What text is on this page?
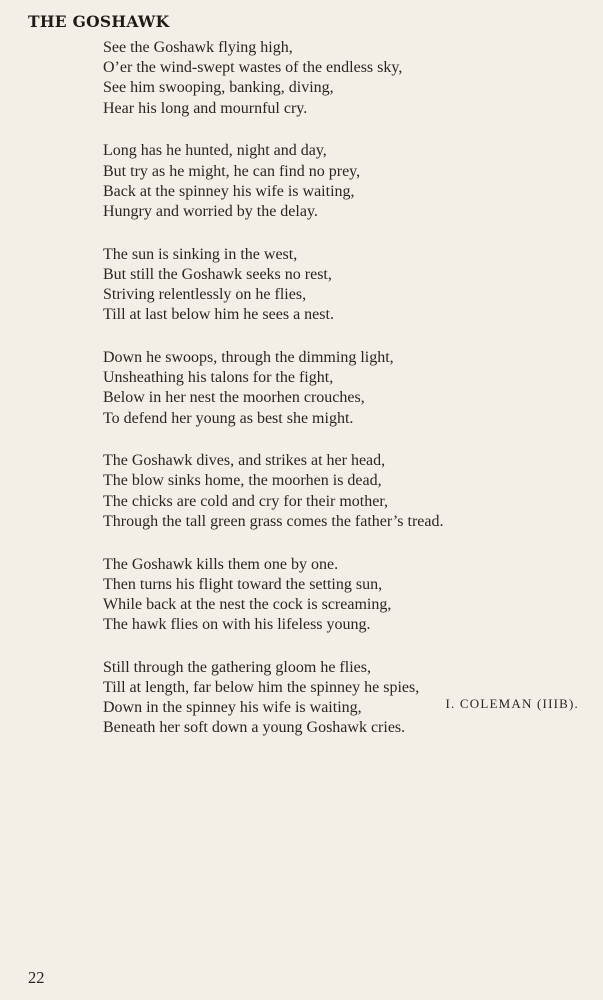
THE GOSHAWK
See the Goshawk flying high,
O’er the wind-swept wastes of the endless sky,
See him swooping, banking, diving,
Hear his long and mournful cry.
Long has he hunted, night and day,
But try as he might, he can find no prey,
Back at the spinney his wife is waiting,
Hungry and worried by the delay.
The sun is sinking in the west,
But still the Goshawk seeks no rest,
Striving relentlessly on he flies,
Till at last below him he sees a nest.
Down he swoops, through the dimming light,
Unsheathing his talons for the fight,
Below in her nest the moorhen crouches,
To defend her young as best she might.
The Goshawk dives, and strikes at her head,
The blow sinks home, the moorhen is dead,
The chicks are cold and cry for their mother,
Through the tall green grass comes the father’s tread.
The Goshawk kills them one by one.
Then turns his flight toward the setting sun,
While back at the nest the cock is screaming,
The hawk flies on with his lifeless young.
Still through the gathering gloom he flies,
Till at length, far below him the spinney he spies,
Down in the spinney his wife is waiting,
Beneath her soft down a young Goshawk cries.
I. COLEMAN (IIIB).
22
